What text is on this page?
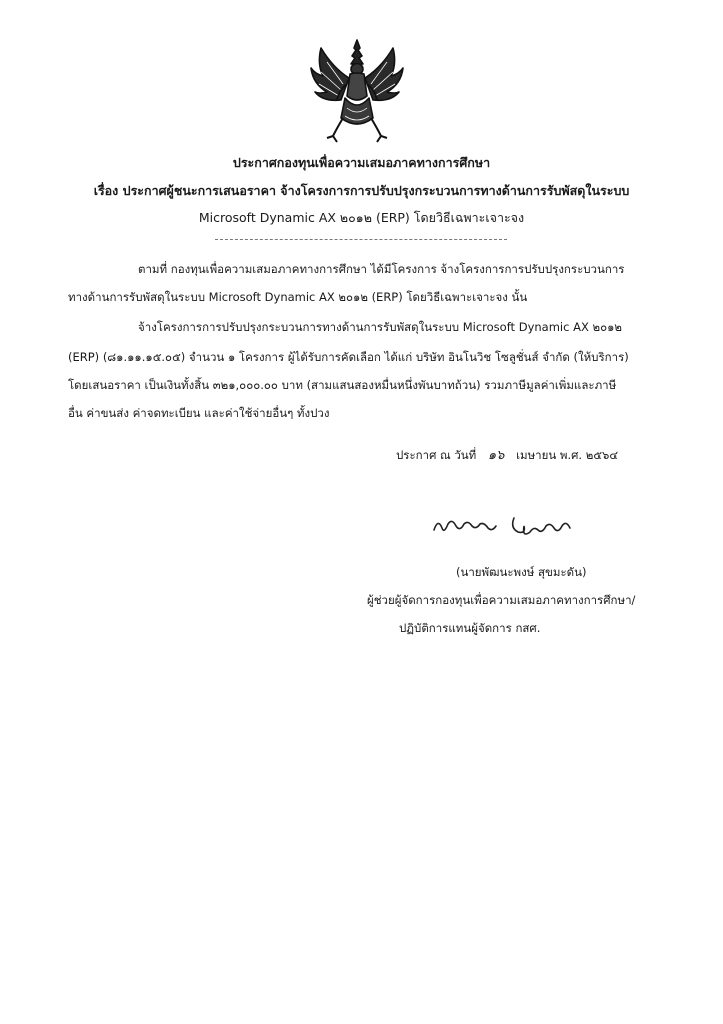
ประกาศกองทุนเพื่อความเสมอภาคทางการศึกษา
เรื่อง ประกาศผู้ชนะการเสนอราคา จ้างโครงการการปรับปรุงกระบวนการทางด้านการรับพัสดุในระบบ
Microsoft Dynamic AX ๒๐๑๒ (ERP) โดยวิธีเฉพาะเจาะจง
ตามที่ กองทุนเพื่อความเสมอภาคทางการศึกษา ได้มีโครงการ จ้างโครงการการปรับปรุงกระบวนการ
ทางด้านการรับพัสดุในระบบ Microsoft Dynamic AX ๒๐๑๒ (ERP) โดยวิธีเฉพาะเจาะจง นั้น
จ้างโครงการการปรับปรุงกระบวนการทางด้านการรับพัสดุในระบบ Microsoft Dynamic AX ๒๐๑๒
(ERP) (๘๑.๑๑.๑๕.๐๕) จำนวน ๑ โครงการ ผู้ได้รับการคัดเลือก ได้แก่ บริษัท อินโนวิช โซลูชั่นส์ จำกัด (ให้บริการ)
โดยเสนอราคา เป็นเงินทั้งสิ้น ๓๒๑,๐๐๐.๐๐ บาท (สามแสนสองหมื่นหนึ่งพันบาทถ้วน) รวมภาษีมูลค่าเพิ่มและภาษี
อื่น ค่าขนส่ง ค่าจดทะเบียน และค่าใช้จ่ายอื่นๆ ทั้งปวง
ประกาศ ณ วันที่ ๑๖ เมษายน พ.ศ. ๒๕๖๔
(นายพัฒนะพงษ์ สุขมะดัน)
ผู้ช่วยผู้จัดการกองทุนเพื่อความเสมอภาคทางการศึกษา/
ปฏิบัติการแทนผู้จัดการ กสศ.
